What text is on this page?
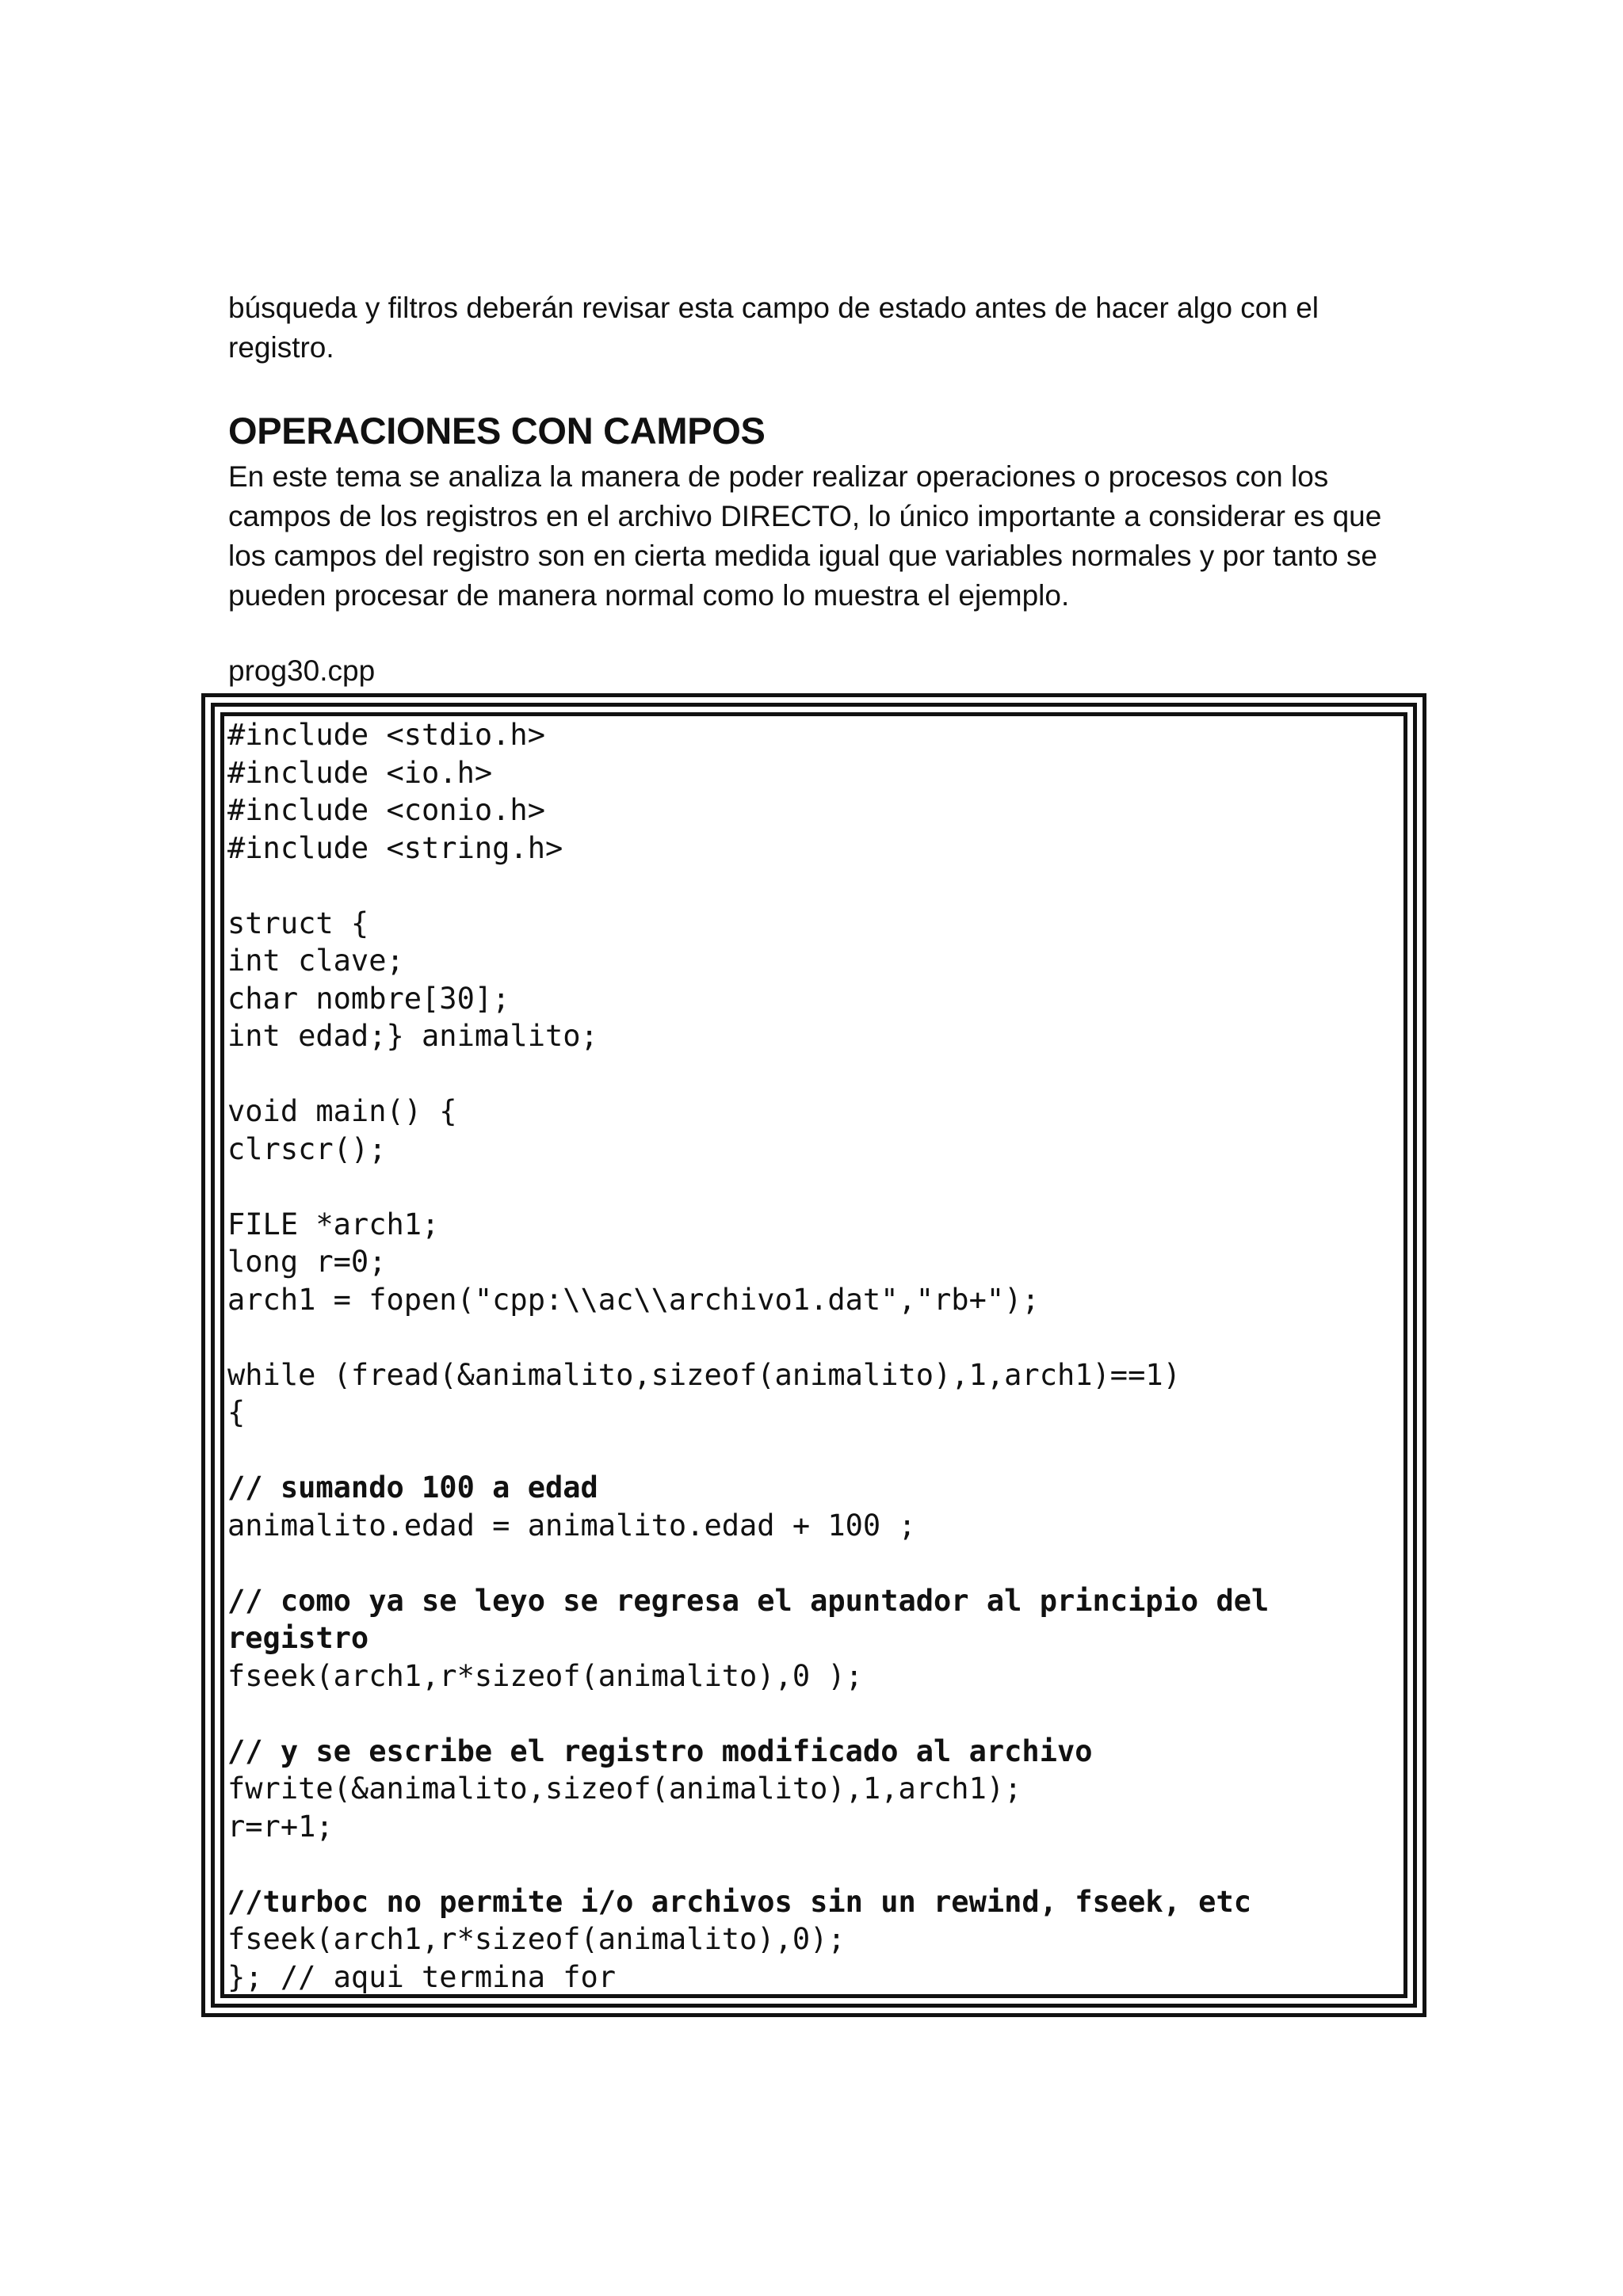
búsqueda y filtros deberán revisar esta campo de estado antes de hacer algo con el registro.

OPERACIONES CON CAMPOS

En este tema se analiza la manera de poder realizar operaciones o procesos con los campos de los registros en el archivo DIRECTO, lo único importante a considerar es que los campos del registro son en cierta medida igual que variables normales y por tanto se pueden procesar de manera normal como lo muestra el ejemplo.

prog30.cpp

#include <stdio.h>
#include <io.h>
#include <conio.h>
#include <string.h>
struct {
int clave;
char nombre[30];
int edad;} animalito;
void main() {
clrscr();
FILE *arch1;
long r=0;
arch1 = fopen("cpp:\\ac\\archivo1.dat","rb+");
while (fread(&animalito,sizeof(animalito),1,arch1)==1)
{
// sumando 100 a edad
animalito.edad = animalito.edad + 100 ;
// como ya se leyo se regresa el apuntador al principio del
registro
fseek(arch1,r*sizeof(animalito),0 );
// y se escribe el registro modificado al archivo
fwrite(&animalito,sizeof(animalito),1,arch1);
r=r+1;
//turboc no permite i/o archivos sin un rewind, fseek, etc
fseek(arch1,r*sizeof(animalito),0);
}; // aqui termina for
